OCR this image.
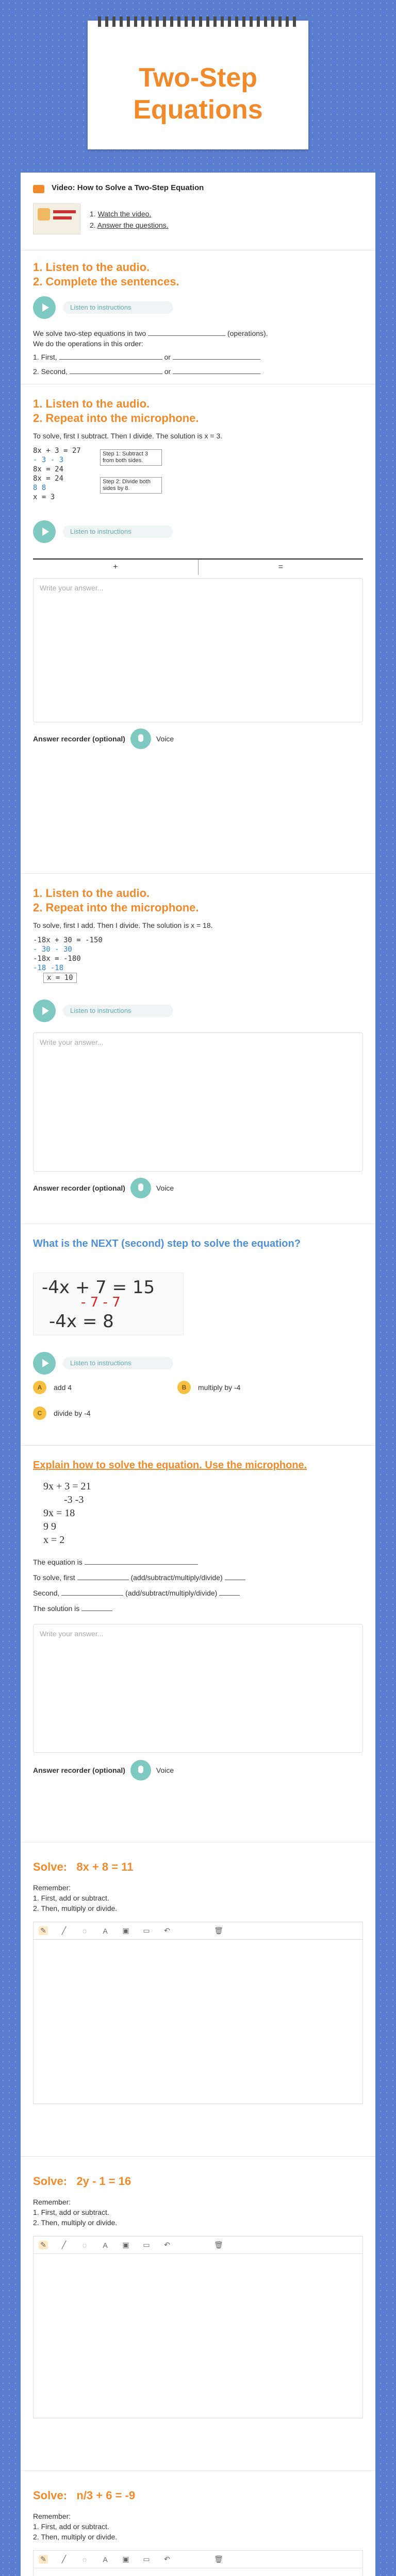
Two-Step Equations
Video: How to Solve a Two-Step Equation
1. Watch the video.
2. Answer the questions.

1. Listen to the audio.

2. Complete the sentences.

Listen to instructions
We solve two-step equations in two	(operations).
We do the operations in this order:
1. First,	or
2. Second,	or

1. Listen to the audio.

2. Repeat into the microphone.

To solve, first I subtract. Then I divide. The solution is x = 3.
8x + 3 = 27
- 3 - 3
8x = 24
8x = 24
8 8
x = 3
Step 1: Subtract 3 from both sides.
Step 2: Divide both sides by 8.
Listen to instructions
+	=
Write your answer...
Answer recorder (optional)	Voice

1. Listen to the audio.

2. Repeat into the microphone.

To solve, first I add. Then I divide. The solution is x = 18.
-18x + 30 = -150
- 30 - 30
-18x = -180
-18 -18
x = 10
Listen to instructions
Write your answer...
Answer recorder (optional)	Voice

What is the NEXT (second) step to solve the equation?

-4x + 7 = 15
- 7 - 7
-4x = 8
Listen to instructions
A	add 4	B	multiply by -4
C	divide by -4

Explain how to solve the equation. Use the microphone.

9x + 3 = 21
-3 -3
9x = 18
9 9
x = 2
The equation is
To solve, first	(add/subtract/multiply/divide)
Second,	(add/subtract/multiply/divide)
The solution is
Write your answer...
Answer recorder (optional)	Voice

Solve: 8x + 8 = 11

Remember:
1. First, add or subtract.
2. Then, multiply or divide.
✎	╱	◌	A	▣ ▭ ↶	🗑

Solve: 2y - 1 = 16

Remember:
1. First, add or subtract.
2. Then, multiply or divide.
✎	╱	◌	A	▣ ▭ ↶	🗑

Solve: n/3 + 6 = -9

Remember:
1. First, add or subtract.
2. Then, multiply or divide.
✎	╱	◌	A	▣ ▭ ↶	🗑
